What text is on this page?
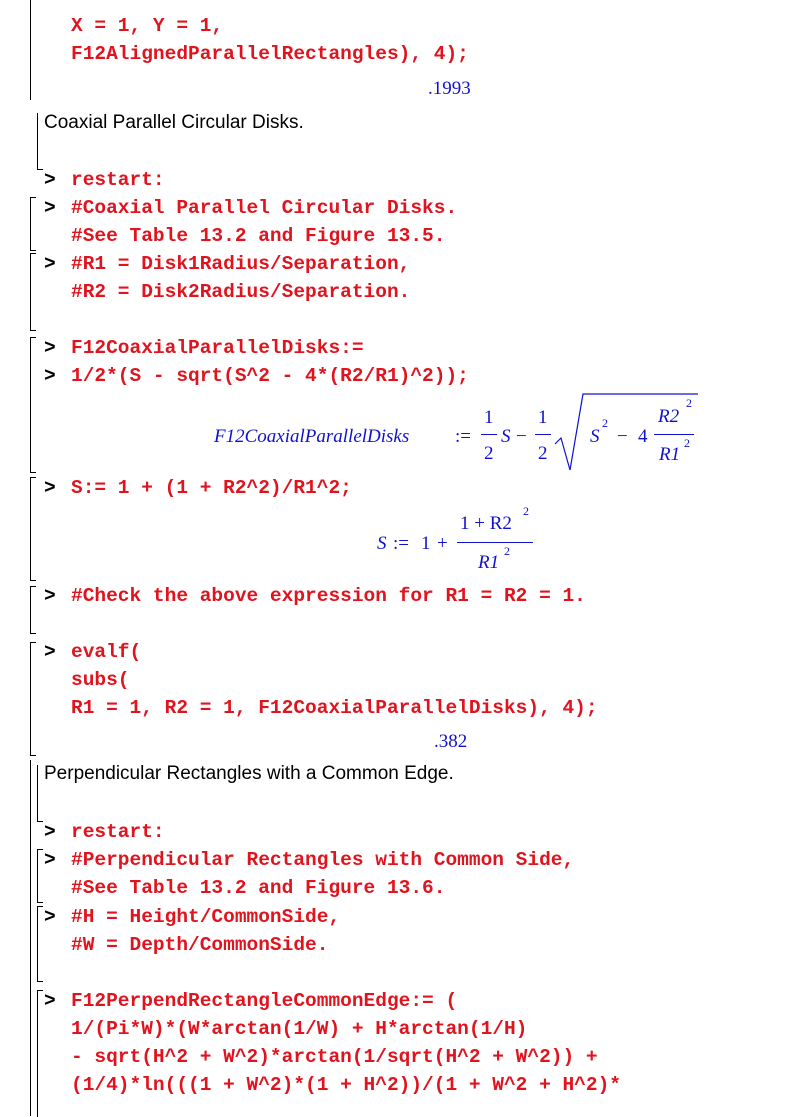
X = 1, Y = 1,
F12AlignedParallelRectangles), 4);
.1993
Coaxial Parallel Circular Disks.
> restart:
> #Coaxial Parallel Circular Disks.
#See Table 13.2 and Figure 13.5.
> #R1 = Disk1Radius/Separation,
#R2 = Disk2Radius/Separation.
> F12CoaxialParallelDisks:=
> 1/2*(S - sqrt(S^2 - 4*(R2/R1)^2));
F12CoaxialParallelDisks :=
1
2
S −
1
2
S
2
− 4
R2
2
R1
2
> S:= 1 + (1 + R2^2)/R1^2;
S := 1 +
1 + R2
2
R1
2
> #Check the above expression for R1 = R2 = 1.
> evalf(
subs(
R1 = 1, R2 = 1, F12CoaxialParallelDisks), 4);
.382
Perpendicular Rectangles with a Common Edge.
> restart:
> #Perpendicular Rectangles with Common Side,
#See Table 13.2 and Figure 13.6.
> #H = Height/CommonSide,
#W = Depth/CommonSide.
> F12PerpendRectangleCommonEdge:= (
1/(Pi*W)*(W*arctan(1/W) + H*arctan(1/H)
- sqrt(H^2 + W^2)*arctan(1/sqrt(H^2 + W^2)) +
(1/4)*ln(((1 + W^2)*(1 + H^2))/(1 + W^2 + H^2)*
